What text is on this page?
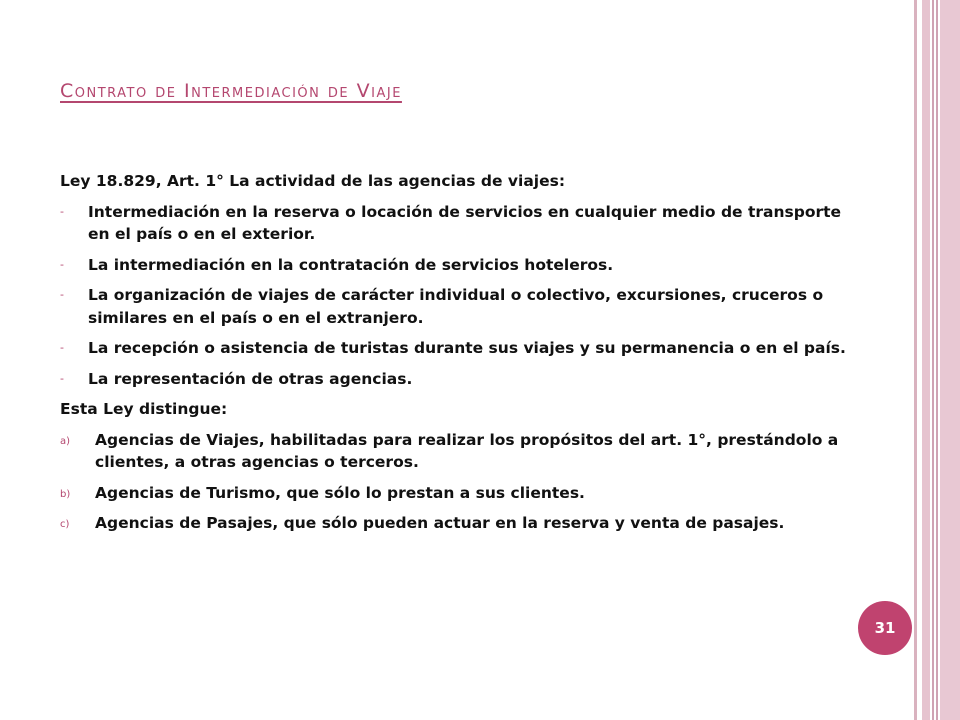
Contrato de Intermediación de Viaje

Ley 18.829, Art. 1° La actividad de las agencias de viajes:

- Intermediación en la reserva o locación de servicios en cualquier medio de transporte en el país o en el exterior.
- La intermediación en la contratación de servicios hoteleros.
- La organización de viajes de carácter individual o colectivo, excursiones, cruceros o similares en el país o en el extranjero.
- La recepción o asistencia de turistas durante sus viajes y su permanencia o en el país.
- La representación de otras agencias.

Esta Ley distingue:

a) Agencias de Viajes, habilitadas para realizar los propósitos del art. 1°, prestándolo a clientes, a otras agencias o terceros.
b) Agencias de Turismo, que sólo lo prestan a sus clientes.
c) Agencias de Pasajes, que sólo pueden actuar en la reserva y venta de pasajes.
31
